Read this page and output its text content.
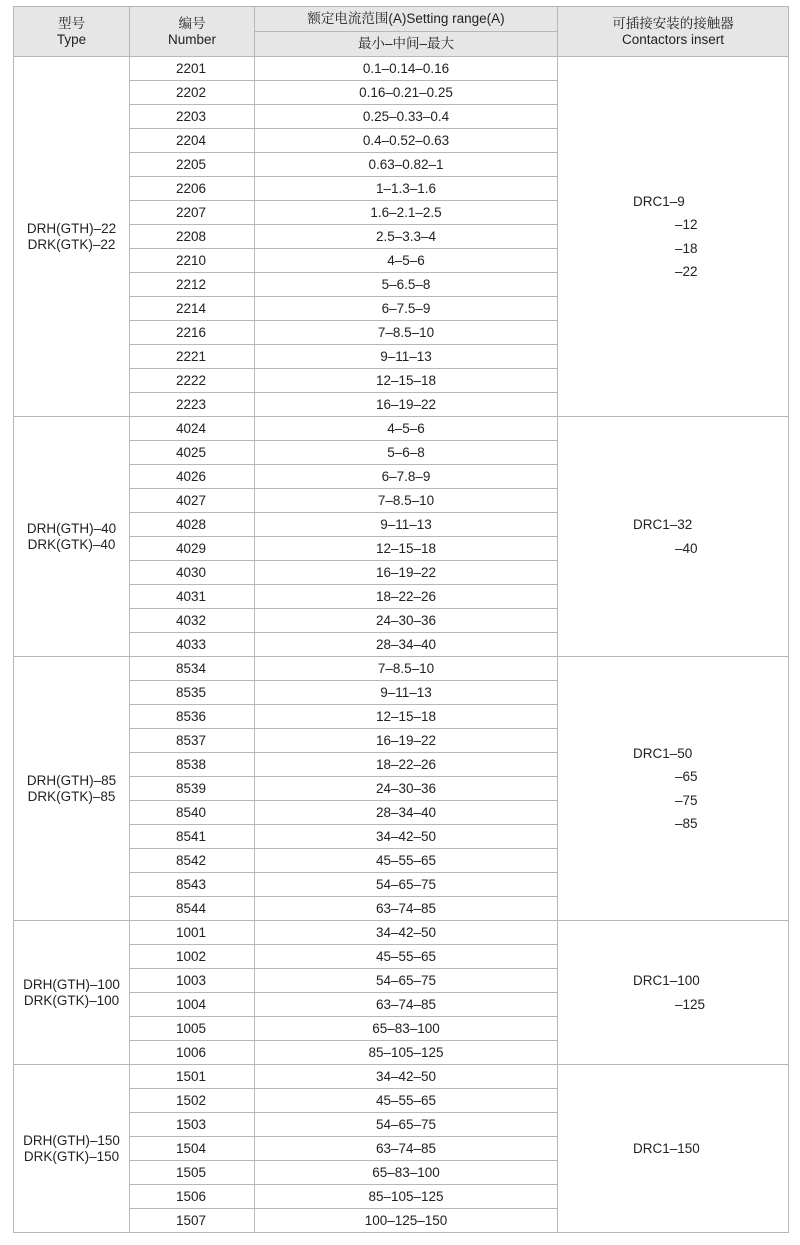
型号
Type	编号
Number	额定电流范围(A)Setting range(A)	可插接安装的接触器
Contactors insert

		最小–中间–最大	

DRH(GTH)–22
DRK(GTK)–22	2201	0.1–0.14–0.16	DRC1–9
–12
–18
–22

	2202	0.16–0.21–0.25	
	2203	0.25–0.33–0.4	
	2204	0.4–0.52–0.63	
	2205	0.63–0.82–1	
	2206	1–1.3–1.6	
	2207	1.6–2.1–2.5	
	2208	2.5–3.3–4	
	2210	4–5–6	
	2212	5–6.5–8	
	2214	6–7.5–9	
	2216	7–8.5–10	
	2221	9–11–13	
	2222	12–15–18	
	2223	16–19–22	

DRH(GTH)–40
DRK(GTK)–40	4024	4–5–6	DRC1–32
–40

	4025	5–6–8	
	4026	6–7.8–9	
	4027	7–8.5–10	
	4028	9–11–13	
	4029	12–15–18	
	4030	16–19–22	
	4031	18–22–26	
	4032	24–30–36	
	4033	28–34–40	

DRH(GTH)–85
DRK(GTK)–85	8534	7–8.5–10	DRC1–50
–65
–75
–85

	8535	9–11–13	
	8536	12–15–18	
	8537	16–19–22	
	8538	18–22–26	
	8539	24–30–36	
	8540	28–34–40	
	8541	34–42–50	
	8542	45–55–65	
	8543	54–65–75	
	8544	63–74–85	

DRH(GTH)–100
DRK(GTK)–100	1001	34–42–50	DRC1–100
–125

	1002	45–55–65	
	1003	54–65–75	
	1004	63–74–85	
	1005	65–83–100	
	1006	85–105–125	

DRH(GTH)–150
DRK(GTK)–150	1501	34–42–50	DRC1–150

	1502	45–55–65	
	1503	54–65–75	
	1504	63–74–85	
	1505	65–83–100	
	1506	85–105–125	
	1507	100–125–150	
